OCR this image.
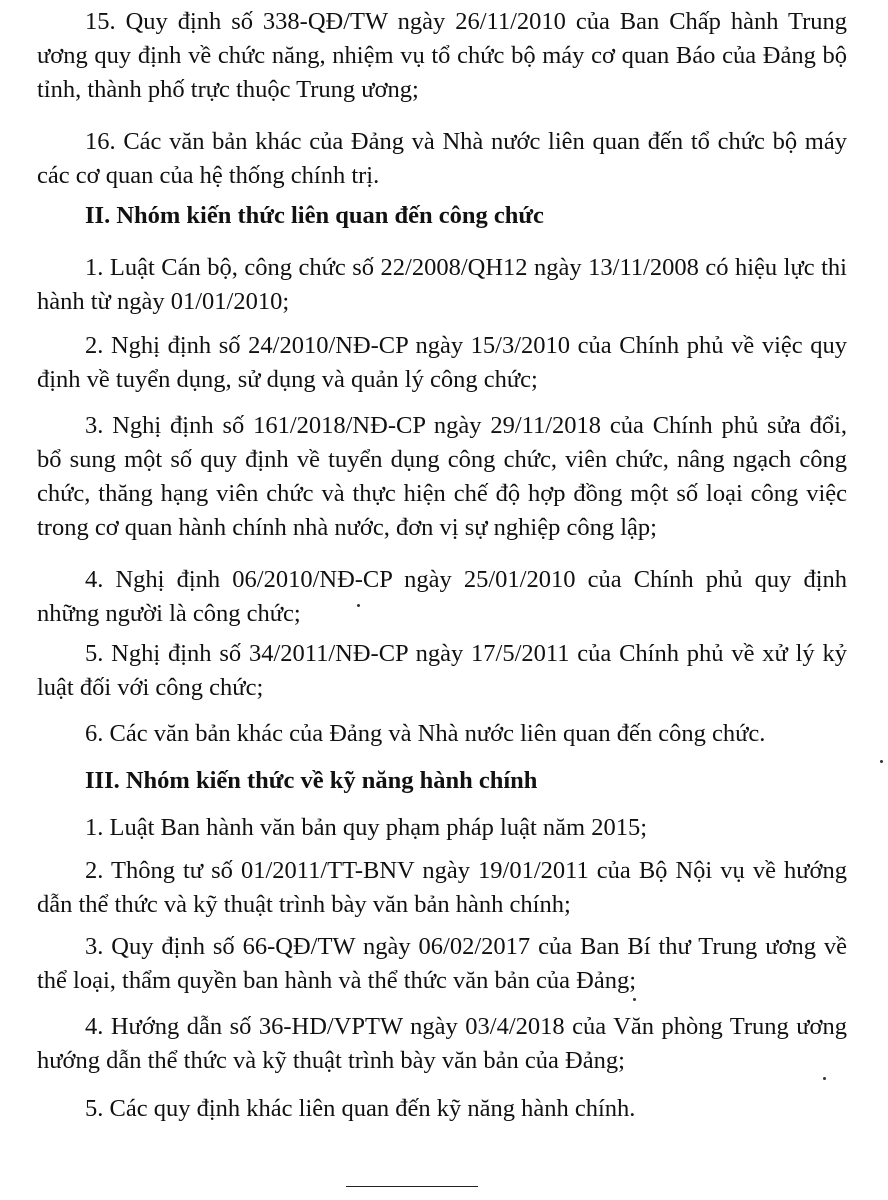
15. Quy định số 338-QĐ/TW ngày 26/11/2010 của Ban Chấp hành Trung ương quy định về chức năng, nhiệm vụ tổ chức bộ máy cơ quan Báo của Đảng bộ tỉnh, thành phố trực thuộc Trung ương;

16. Các văn bản khác của Đảng và Nhà nước liên quan đến tổ chức bộ máy các cơ quan của hệ thống chính trị.

II. Nhóm kiến thức liên quan đến công chức

1. Luật Cán bộ, công chức số 22/2008/QH12 ngày 13/11/2008 có hiệu lực thi hành từ ngày 01/01/2010;

2. Nghị định số 24/2010/NĐ-CP ngày 15/3/2010 của Chính phủ về việc quy định về tuyển dụng, sử dụng và quản lý công chức;

3. Nghị định số 161/2018/NĐ-CP ngày 29/11/2018 của Chính phủ sửa đổi, bổ sung một số quy định về tuyển dụng công chức, viên chức, nâng ngạch công chức, thăng hạng viên chức và thực hiện chế độ hợp đồng một số loại công việc trong cơ quan hành chính nhà nước, đơn vị sự nghiệp công lập;

4. Nghị định 06/2010/NĐ-CP ngày 25/01/2010 của Chính phủ quy định những người là công chức;

5. Nghị định số 34/2011/NĐ-CP ngày 17/5/2011 của Chính phủ về xử lý kỷ luật đối với công chức;

6. Các văn bản khác của Đảng và Nhà nước liên quan đến công chức.

III. Nhóm kiến thức về kỹ năng hành chính

1. Luật Ban hành văn bản quy phạm pháp luật năm 2015;

2. Thông tư số 01/2011/TT-BNV ngày 19/01/2011 của Bộ Nội vụ về hướng dẫn thể thức và kỹ thuật trình bày văn bản hành chính;

3. Quy định số 66-QĐ/TW ngày 06/02/2017 của Ban Bí thư Trung ương về thể loại, thẩm quyền ban hành và thể thức văn bản của Đảng;

4. Hướng dẫn số 36-HD/VPTW ngày 03/4/2018 của Văn phòng Trung ương hướng dẫn thể thức và kỹ thuật trình bày văn bản của Đảng;

5. Các quy định khác liên quan đến kỹ năng hành chính.
